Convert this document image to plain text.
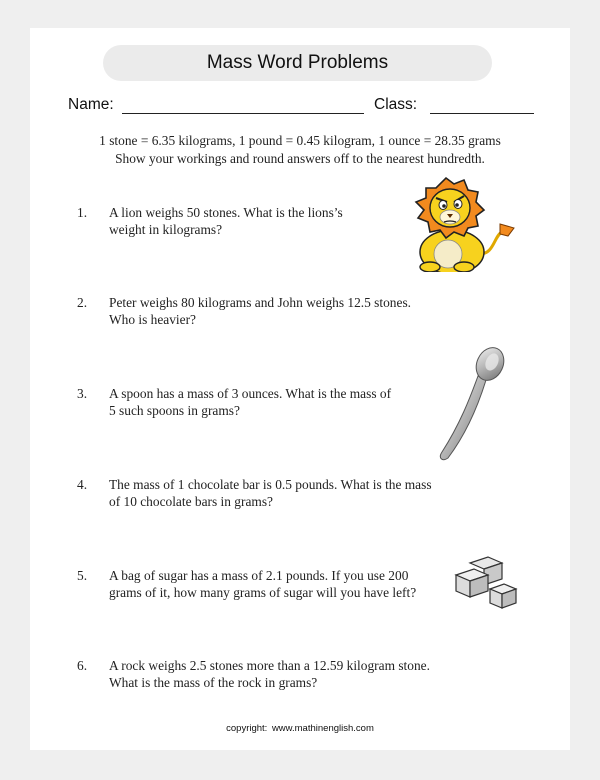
Mass Word Problems
Name:	Class:
1 stone = 6.35 kilograms, 1 pound = 0.45 kilogram, 1 ounce = 28.35 grams
Show your workings and round answers off to the nearest hundredth.
1. A lion weighs 50 stones. What is the lions’s
weight in kilograms?
2. Peter weighs 80 kilograms and John weighs 12.5 stones.
Who is heavier?
3. A spoon has a mass of 3 ounces. What is the mass of
5 such spoons in grams?
4. The mass of 1 chocolate bar is 0.5 pounds. What is the mass
of 10 chocolate bars in grams?
5. A bag of sugar has a mass of 2.1 pounds. If you use 200
grams of it, how many grams of sugar will you have left?
6. A rock weighs 2.5 stones more than a 12.59 kilogram stone.
What is the mass of the rock in grams?
copyright: www.mathinenglish.com
